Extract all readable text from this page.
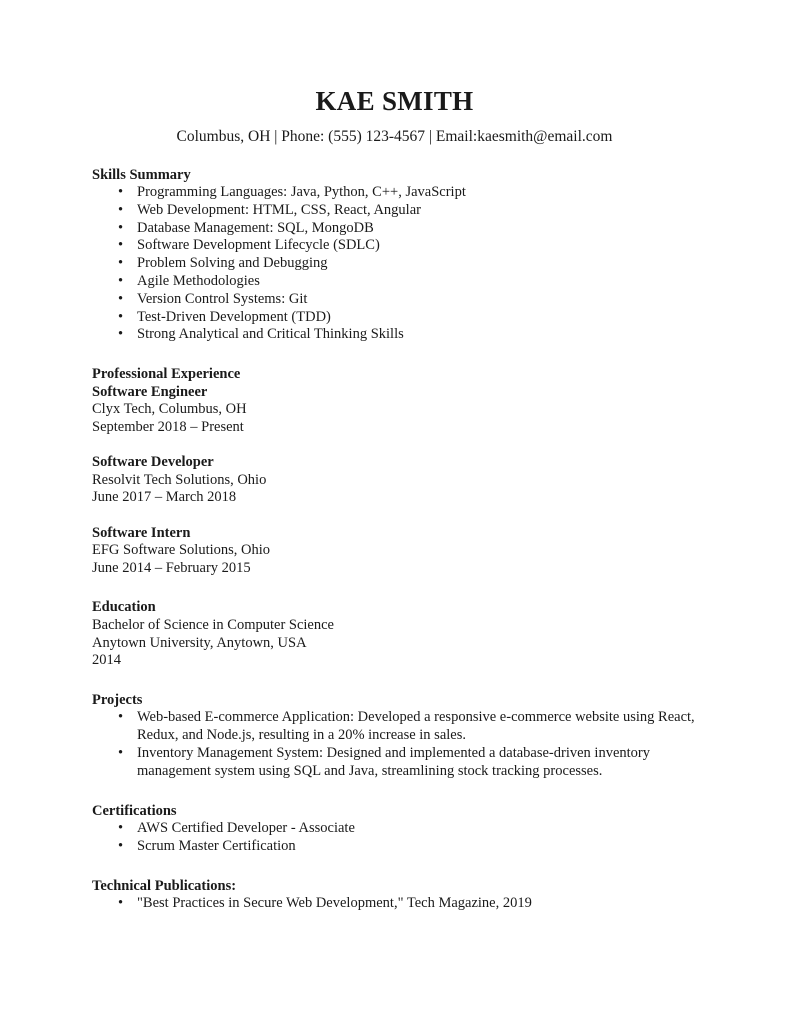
KAE SMITH

Columbus, OH | Phone: (555) 123-4567 | Email:kaesmith@email.com

Skills Summary

• Programming Languages: Java, Python, C++, JavaScript
• Web Development: HTML, CSS, React, Angular
• Database Management: SQL, MongoDB
• Software Development Lifecycle (SDLC)
• Problem Solving and Debugging
• Agile Methodologies
• Version Control Systems: Git
• Test-Driven Development (TDD)
• Strong Analytical and Critical Thinking Skills

Professional Experience

Software Engineer

Clyx Tech, Columbus, OH

September 2018 – Present

Software Developer

Resolvit Tech Solutions, Ohio

June 2017 – March 2018

Software Intern

EFG Software Solutions, Ohio

June 2014 – February 2015

Education

Bachelor of Science in Computer Science

Anytown University, Anytown, USA

2014

Projects

• Web-based E-commerce Application: Developed a responsive e-commerce website using React, Redux, and Node.js, resulting in a 20% increase in sales.
• Inventory Management System: Designed and implemented a database-driven inventory management system using SQL and Java, streamlining stock tracking processes.

Certifications

• AWS Certified Developer - Associate
• Scrum Master Certification

Technical Publications:

• "Best Practices in Secure Web Development," Tech Magazine, 2019
